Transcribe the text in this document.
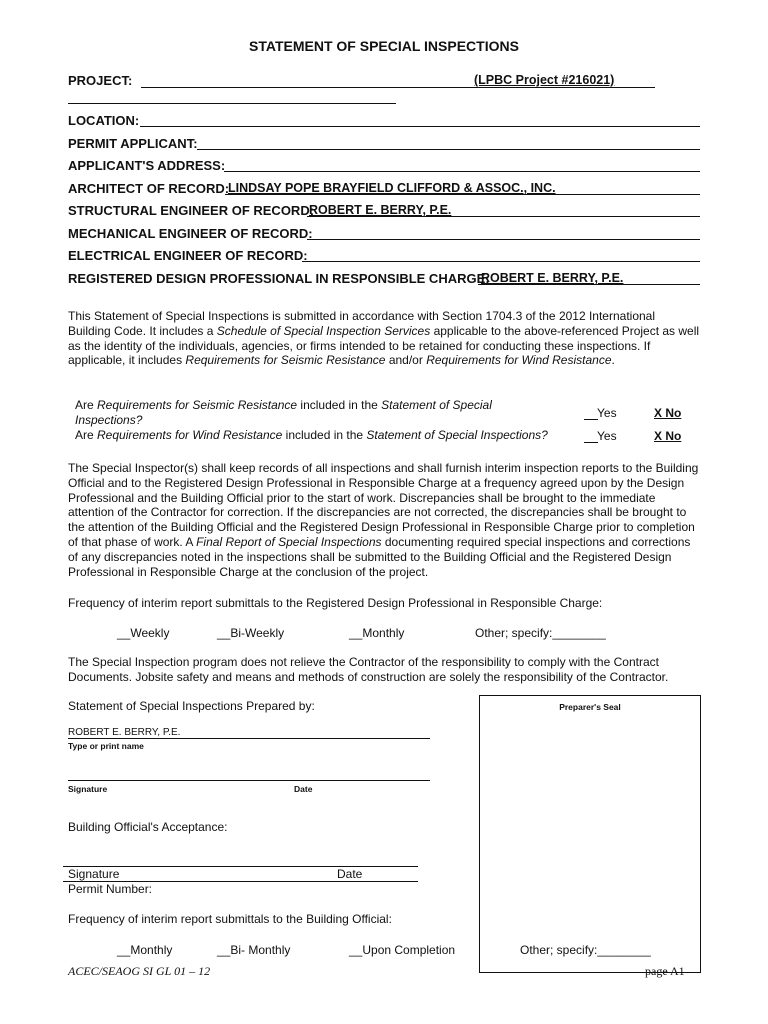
STATEMENT OF SPECIAL INSPECTIONS
PROJECT:	(LPBC Project #216021)
LOCATION:
PERMIT APPLICANT:
APPLICANT'S ADDRESS:
ARCHITECT OF RECORD:
LINDSAY POPE BRAYFIELD CLIFFORD & ASSOC., INC.
STRUCTURAL ENGINEER OF RECORD:
ROBERT E. BERRY, P.E.
MECHANICAL ENGINEER OF RECORD:
ELECTRICAL ENGINEER OF RECORD:
REGISTERED DESIGN PROFESSIONAL IN RESPONSIBLE CHARGE:
ROBERT E. BERRY, P.E.
This Statement of Special Inspections is submitted in accordance with Section 1704.3 of the 2012 International Building Code. It includes a Schedule of Special Inspection Services applicable to the above-referenced Project as well as the identity of the individuals, agencies, or firms intended to be retained for conducting these inspections. If applicable, it includes Requirements for Seismic Resistance and/or Requirements for Wind Resistance.
Are Requirements for Seismic Resistance included in the Statement of Special
Inspections?	Yes	X No
Are Requirements for Wind Resistance included in the Statement of Special Inspections?	Yes	X No
The Special Inspector(s) shall keep records of all inspections and shall furnish interim inspection reports to the Building Official and to the Registered Design Professional in Responsible Charge at a frequency agreed upon by the Design Professional and the Building Official prior to the start of work. Discrepancies shall be brought to the immediate attention of the Contractor for correction. If the discrepancies are not corrected, the discrepancies shall be brought to the attention of the Building Official and the Registered Design Professional in Responsible Charge prior to completion of that phase of work. A Final Report of Special Inspections documenting required special inspections and corrections of any discrepancies noted in the inspections shall be submitted to the Building Official and the Registered Design Professional in Responsible Charge at the conclusion of the project.
Frequency of interim report submittals to the Registered Design Professional in Responsible Charge:
__Weekly	__Bi-Weekly	__Monthly	Other; specify:________
The Special Inspection program does not relieve the Contractor of the responsibility to comply with the Contract Documents. Jobsite safety and means and methods of construction are solely the responsibility of the Contractor.
Statement of Special Inspections Prepared by:
ROBERT E. BERRY, P.E.
Type or print name
Signature	Date
Preparer's Seal
Building Official's Acceptance:
Signature	Date
Permit Number:
Frequency of interim report submittals to the Building Official:
__Monthly	__Bi- Monthly	__Upon Completion	Other; specify:________
ACEC/SEAOG SI GL 01 – 12	page A1
